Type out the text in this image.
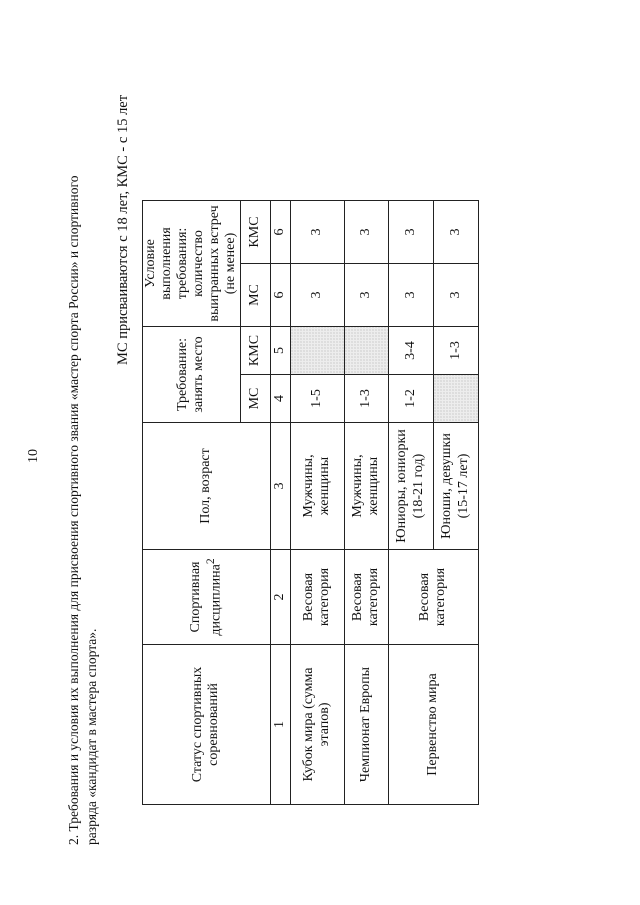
10 2. Требования и условия их выполнения для присвоения спортивного звания «мастер спорта России» и спортивного разряда «кандидат в мастера спорта».
МС присваиваются с 18 лет, КМС - с 15 лет
Статус спортивных соревнований	Спортивная дисциплина$^2$	Пол, возраст	Требование: занять место		Условие выполнения требования: количество выигранных встреч (не менее)	
			МС	КМС	МС	КМС
1	2	3	4	5	6	6
Кубок мира (сумма этапов)	Весовая категория	Мужчины, женщины	1-5		3	3
Чемпионат Европы	Весовая категория	Мужчины, женщины	1-3		3	3
Первенство мира	Весовая категория	Юниоры, юниорки (18-21 год)	1-2	3-4	3	3
		Юноши, девушки (15-17 лет)		1-3	3	3
